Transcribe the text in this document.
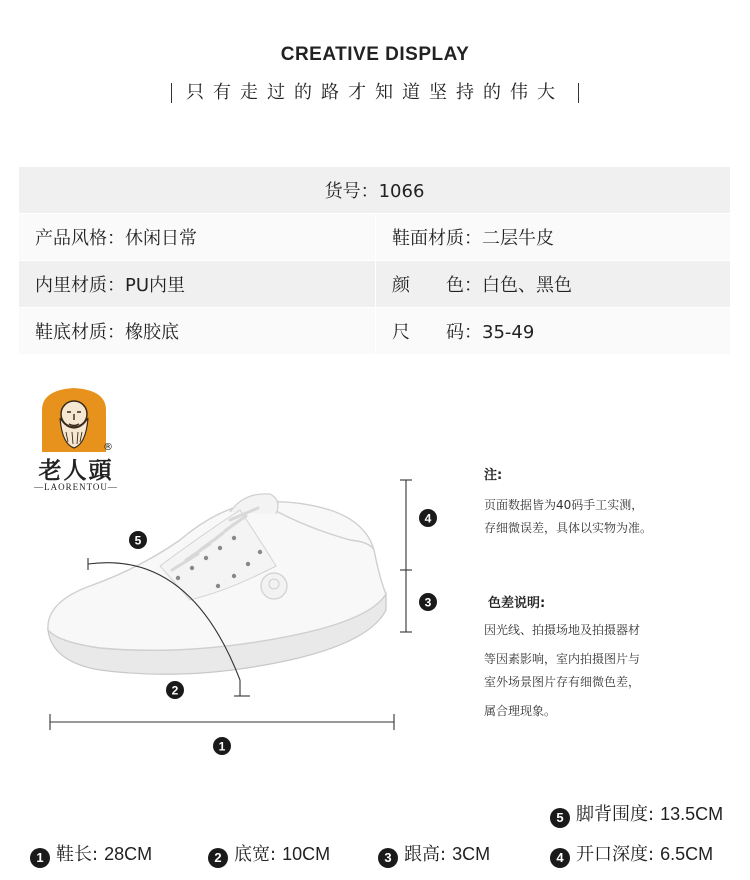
CREATIVE DISPLAY
只有走过的路才知道坚持的伟大
货号：1066	
产品风格：休闲日常	鞋面材质：二层牛皮
内里材质：PU内里	颜　　色：白色、黑色
鞋底材质：橡胶底	尺　　码：35-49
®
老人頭
—LAORENTOU—
5
2
1
4
3
注:
页面数据皆为40码手工实测，
存细微误差，具体以实物为准。
色差说明:
因光线、拍摄场地及拍摄器材
等因素影响，室内拍摄图片与
室外场景图片存有细微色差，
属合理现象。
5 脚背围度: 13.5CM
1 鞋长: 28CM	2 底宽: 10CM	3 跟高: 3CM	4 开口深度: 6.5CM
